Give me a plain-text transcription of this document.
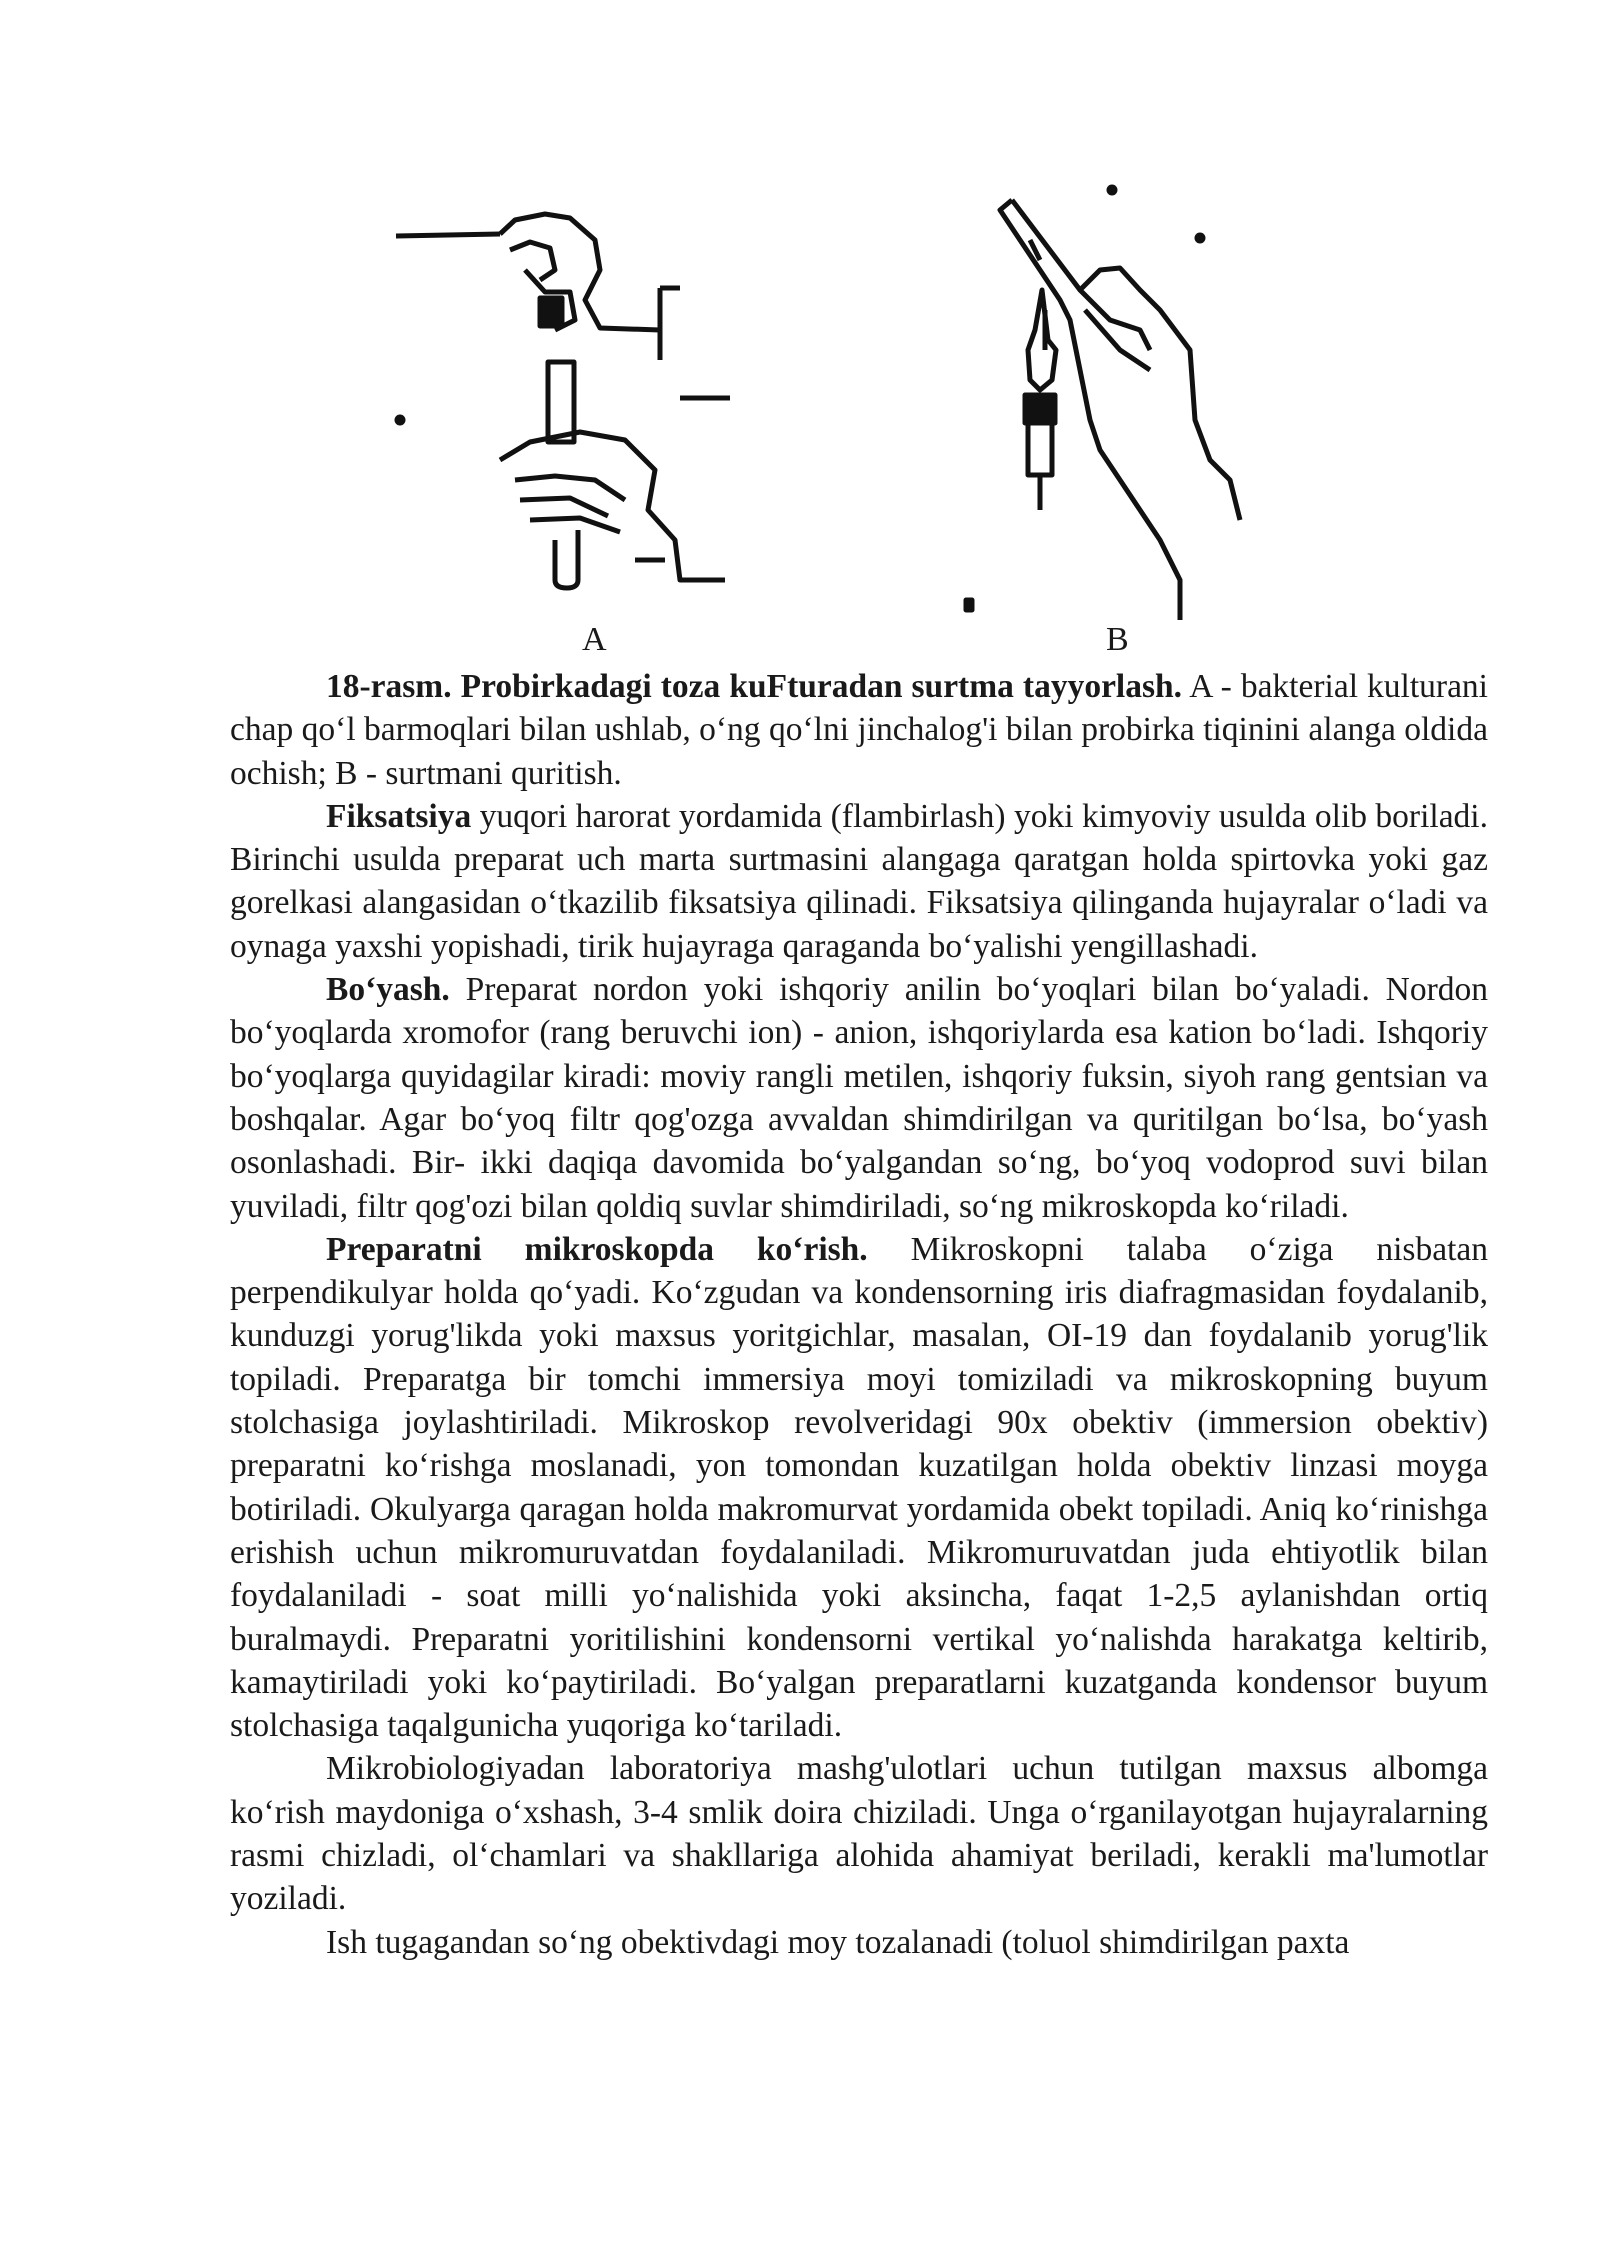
A	B

18-rasm. Probirkadagi toza kuFturadan surtma tayyorlash. A - bakterial kulturani chap qo‘l barmoqlari bilan ushlab, o‘ng qo‘lni jinchalog'i bilan probirka tiqinini alanga oldida ochish; B - surtmani quritish.

Fiksatsiya yuqori harorat yordamida (flambirlash) yoki kimyoviy usulda olib boriladi. Birinchi usulda preparat uch marta surtmasini alangaga qaratgan holda spirtovka yoki gaz gorelkasi alangasidan o‘tkazilib fiksatsiya qilinadi. Fiksatsiya qilinganda hujayralar o‘ladi va oynaga yaxshi yopishadi, tirik hujayraga qaraganda bo‘yalishi yengillashadi.

Bo‘yash. Preparat nordon yoki ishqoriy anilin bo‘yoqlari bilan bo‘yaladi. Nordon bo‘yoqlarda xromofor (rang beruvchi ion) - anion, ishqoriylarda esa kation bo‘ladi. Ishqoriy bo‘yoqlarga quyidagilar kiradi: moviy rangli metilen, ishqoriy fuksin, siyoh rang gentsian va boshqalar. Agar bo‘yoq filtr qog'ozga avvaldan shimdirilgan va quritilgan bo‘lsa, bo‘yash osonlashadi. Bir- ikki daqiqa davomida bo‘yalgandan so‘ng, bo‘yoq vodoprod suvi bilan yuviladi, filtr qog'ozi bilan qoldiq suvlar shimdiriladi, so‘ng mikroskopda ko‘riladi.

Preparatni mikroskopda ko‘rish. Mikroskopni talaba o‘ziga nisbatan perpendikulyar holda qo‘yadi. Ko‘zgudan va kondensorning iris diafragmasidan foydalanib, kunduzgi yorug'likda yoki maxsus yoritgichlar, masalan, OI-19 dan foydalanib yorug'lik topiladi. Preparatga bir tomchi immersiya moyi tomiziladi va mikroskopning buyum stolchasiga joylashtiriladi. Mikroskop revolveridagi 90x obektiv (immersion obektiv) preparatni ko‘rishga moslanadi, yon tomondan kuzatilgan holda obektiv linzasi moyga botiriladi. Okulyarga qaragan holda makromurvat yordamida obekt topiladi. Aniq ko‘rinishga erishish uchun mikromuruvatdan foydalaniladi. Mikromuruvatdan juda ehtiyotlik bilan foydalaniladi - soat milli yo‘nalishida yoki aksincha, faqat 1-2,5 aylanishdan ortiq buralmaydi. Preparatni yoritilishini kondensorni vertikal yo‘nalishda harakatga keltirib, kamaytiriladi yoki ko‘paytiriladi. Bo‘yalgan preparatlarni kuzatganda kondensor buyum stolchasiga taqalgunicha yuqoriga ko‘tariladi.

Mikrobiologiyadan laboratoriya mashg'ulotlari uchun tutilgan maxsus albomga ko‘rish maydoniga o‘xshash, 3-4 smlik doira chiziladi. Unga o‘rganilayotgan hujayralarning rasmi chizladi, ol‘chamlari va shakllariga alohida ahamiyat beriladi, kerakli ma'lumotlar yoziladi.

Ish tugagandan so‘ng obektivdagi moy tozalanadi (toluol shimdirilgan paxta
